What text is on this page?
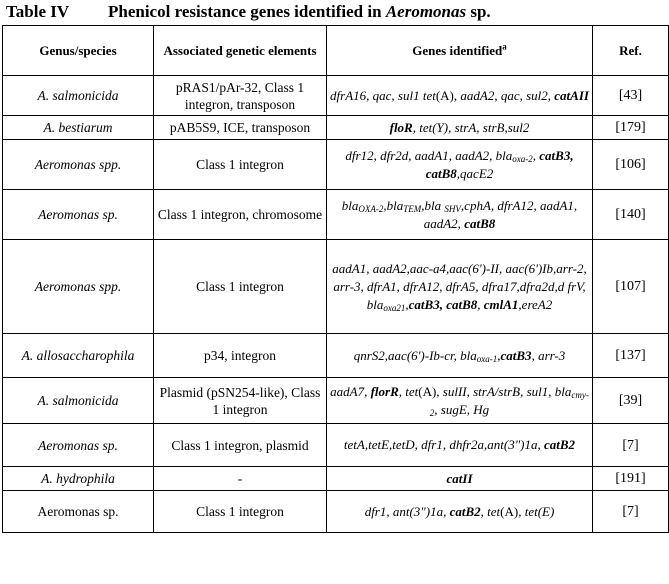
Table IV Phenicol resistance genes identified in Aeromonas sp.
Genus/species	Associated genetic elements	Genes identified$^a$	Ref.
A. salmonicida	pRAS1/pAr-32, Class 1 integron, transposon	dfrA16, qac, sul1 tet(A), aadA2, qac, sul2, catAII	[43]
A. bestiarum	pAB5S9, ICE, transposon	floR, tet(Y), strA, strB,sul2	[179]
Aeromonas spp.	Class 1 integron	dfr12, dfr2d, aadA1, aadA2, bla$_{oxa-2}$, catB3, catB8,qacE2	[106]
Aeromonas sp.	Class 1 integron, chromosome	bla$_{OXA-2}$,bla$_{TEM}$,bla $_{SHV}$,cphA, dfrA12, aadA1, aadA2, catB8	[140]
Aeromonas spp.	Class 1 integron	aadA1, aadA2,aac-a4,aac(6')-II, aac(6')Ib,arr-2, arr-3, dfrA1, dfrA12, dfrA5, dfra17,dfra2d,d frV, bla$_{oxa21}$,catB3, catB8, cmlA1,ereA2	[107]
A. allosaccharophila	p34, integron	qnrS2,aac(6')-Ib-cr, bla$_{oxa-1}$,catB3, arr-3	[137]
A. salmonicida	Plasmid (pSN254-like), Class 1 integron	aadA7, florR, tet(A), sulII, strA/strB, sul1, bla$_{cmy-2}$, sugE, Hg	[39]
Aeromonas sp.	Class 1 integron, plasmid	tetA,tetE,tetD, dfr1, dhfr2a,ant(3")1a, catB2	[7]
A. hydrophila	-	catII	[191]
Aeromonas sp.	Class 1 integron	dfr1, ant(3")1a, catB2, tet(A), tet(E)	[7]
